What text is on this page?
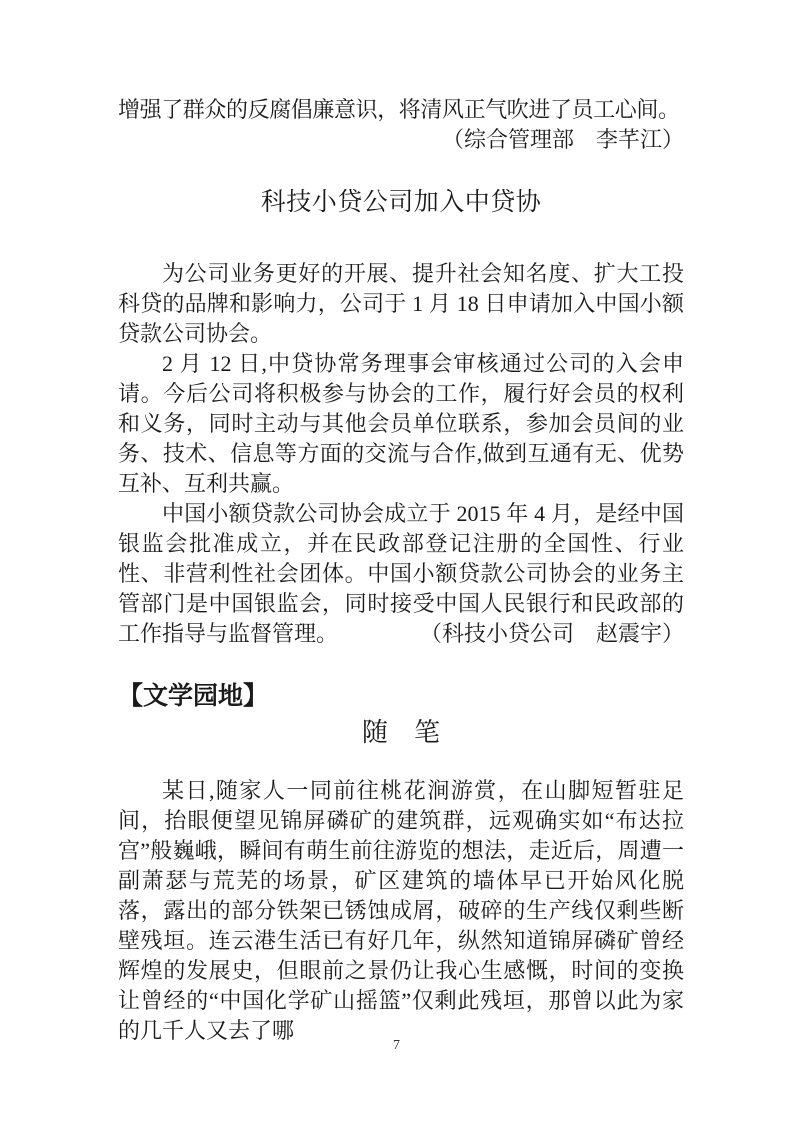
增强了群众的反腐倡廉意识，将清风正气吹进了员工心间。

（综合管理部　李芊江）

科技小贷公司加入中贷协

为公司业务更好的开展、提升社会知名度、扩大工投科贷的品牌和影响力，公司于 1 月 18 日申请加入中国小额贷款公司协会。

2 月 12 日,中贷协常务理事会审核通过公司的入会申请。今后公司将积极参与协会的工作，履行好会员的权利和义务，同时主动与其他会员单位联系，参加会员间的业务、技术、信息等方面的交流与合作,做到互通有无、优势互补、互利共赢。

中国小额贷款公司协会成立于 2015 年 4 月，是经中国银监会批准成立，并在民政部登记注册的全国性、行业性、非营利性社会团体。中国小额贷款公司协会的业务主管部门是中国银监会，同时接受中国人民银行和民政部的工作指导与监督管理。	（科技小贷公司　赵震宇）

【文学园地】
随　笔

某日,随家人一同前往桃花涧游赏，在山脚短暂驻足间，抬眼便望见锦屏磷矿的建筑群，远观确实如“布达拉宫”般巍峨，瞬间有萌生前往游览的想法，走近后，周遭一副萧瑟与荒芜的场景，矿区建筑的墙体早已开始风化脱落，露出的部分铁架已锈蚀成屑，破碎的生产线仅剩些断壁残垣。连云港生活已有好几年，纵然知道锦屏磷矿曾经辉煌的发展史，但眼前之景仍让我心生感慨，时间的变换让曾经的“中国化学矿山摇篮”仅剩此残垣，那曾以此为家的几千人又去了哪

7
